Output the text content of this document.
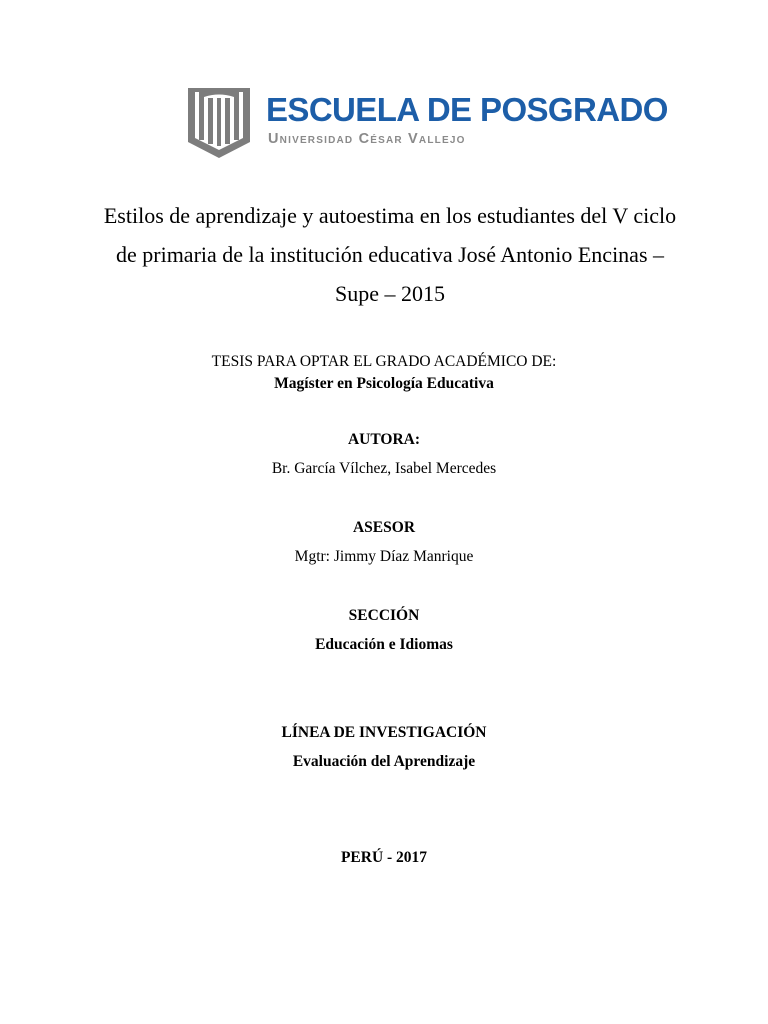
ESCUELA DE POSGRADO
Universidad César Vallejo
Estilos de aprendizaje y autoestima en los estudiantes del V ciclo de primaria de la institución educativa José Antonio Encinas – Supe – 2015
TESIS PARA OPTAR EL GRADO ACADÉMICO DE:
Magíster en Psicología Educativa
AUTORA:
Br. García Vílchez, Isabel Mercedes
ASESOR
Mgtr: Jimmy Díaz Manrique
SECCIÓN
Educación e Idiomas
LÍNEA DE INVESTIGACIÓN
Evaluación del Aprendizaje
PERÚ - 2017
